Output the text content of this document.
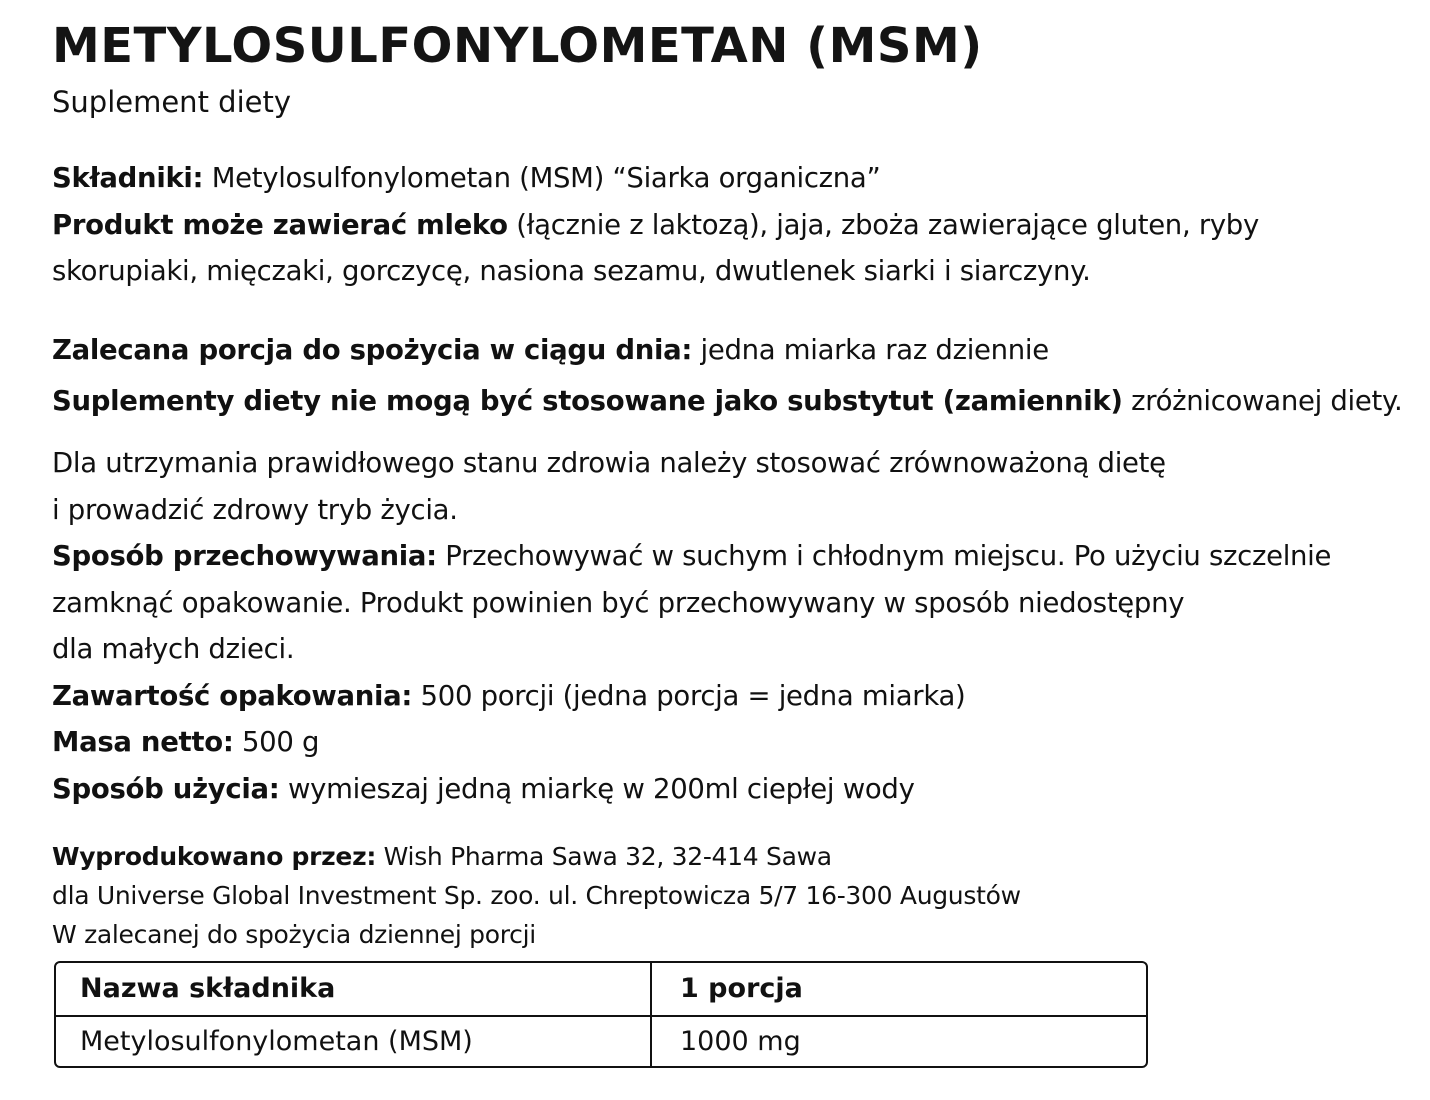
METYLOSULFONYLOMETAN (MSM)
Suplement diety
Składniki: Metylosulfonylometan (MSM) “Siarka organiczna”
Produkt może zawierać mleko (łącznie z laktozą), jaja, zboża zawierające gluten, ryby
skorupiaki, mięczaki, gorczycę, nasiona sezamu, dwutlenek siarki i siarczyny.
Zalecana porcja do spożycia w ciągu dnia: jedna miarka raz dziennie
Suplementy diety nie mogą być stosowane jako substytut (zamiennik) zróżnicowanej diety.
Dla utrzymania prawidłowego stanu zdrowia należy stosować zrównoważoną dietę
i prowadzić zdrowy tryb życia.
Sposób przechowywania: Przechowywać w suchym i chłodnym miejscu. Po użyciu szczelnie
zamknąć opakowanie. Produkt powinien być przechowywany w sposób niedostępny
dla małych dzieci.
Zawartość opakowania: 500 porcji (jedna porcja = jedna miarka)
Masa netto: 500 g
Sposób użycia: wymieszaj jedną miarkę w 200ml ciepłej wody
Wyprodukowano przez: Wish Pharma Sawa 32, 32-414 Sawa
dla Universe Global Investment Sp. zoo. ul. Chreptowicza 5/7 16-300 Augustów
W zalecanej do spożycia dziennej porcji
Nazwa składnika	1 porcja
Metylosulfonylometan (MSM)	1000 mg
